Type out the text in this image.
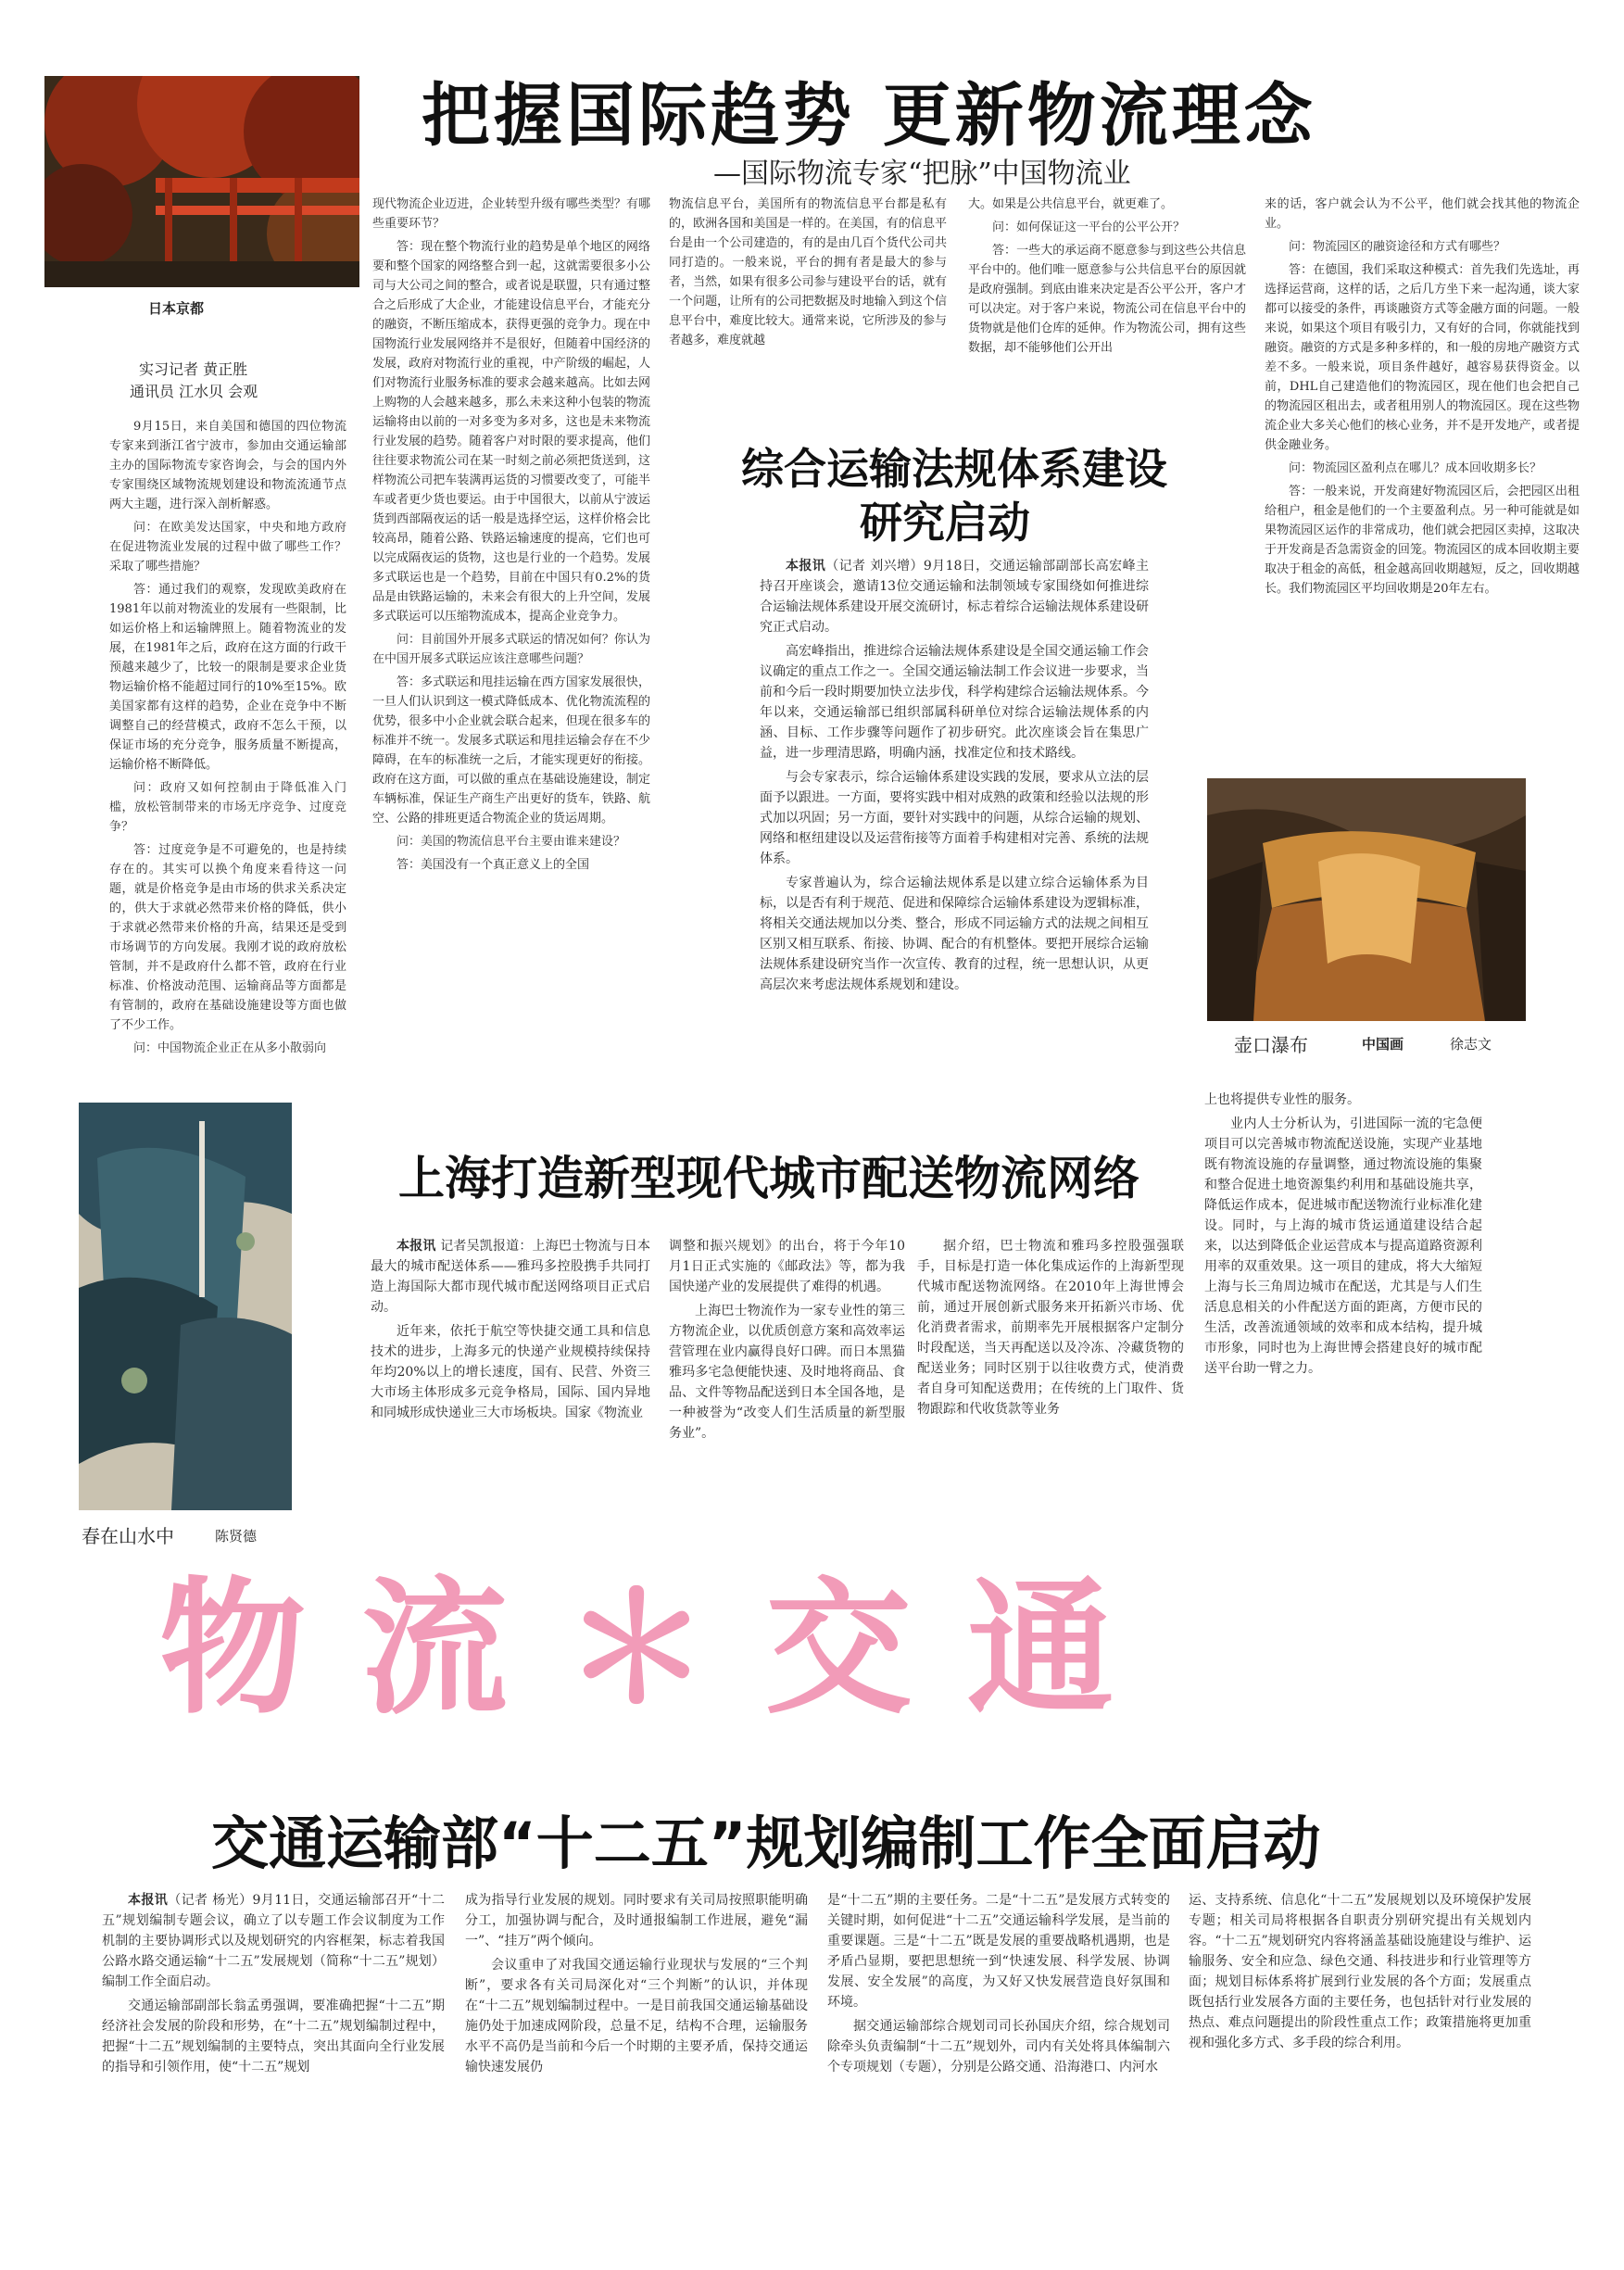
日本京都
把握国际趋势 更新物流理念
—国际物流专家“把脉”中国物流业
实习记者 黄正胜
通讯员 江水贝 会观

9月15日，来自美国和德国的四位物流专家来到浙江省宁波市，参加由交通运输部主办的国际物流专家咨询会，与会的国内外专家围绕区域物流规划建设和物流流通节点两大主题，进行深入剖析解惑。

问：在欧美发达国家，中央和地方政府在促进物流业发展的过程中做了哪些工作？采取了哪些措施？

答：通过我们的观察，发现欧美政府在1981年以前对物流业的发展有一些限制，比如运价格上和运输牌照上。随着物流业的发展，在1981年之后，政府在这方面的行政干预越来越少了，比较一的限制是要求企业货物运输价格不能超过同行的10%至15%。欧美国家都有这样的趋势，企业在竞争中不断调整自己的经营模式，政府不怎么干预，以保证市场的充分竞争，服务质量不断提高，运输价格不断降低。

问：政府又如何控制由于降低准入门槛，放松管制带来的市场无序竞争、过度竞争？

答：过度竞争是不可避免的，也是持续存在的。其实可以换个角度来看待这一问题，就是价格竞争是由市场的供求关系决定的，供大于求就必然带来价格的降低，供小于求就必然带来价格的升高，结果还是受到市场调节的方向发展。我刚才说的政府放松管制，并不是政府什么都不管，政府在行业标准、价格波动范围、运输商品等方面都是有管制的，政府在基础设施建设等方面也做了不少工作。

问：中国物流企业正在从多小散弱向

现代物流企业迈进，企业转型升级有哪些类型？有哪些重要环节？

答：现在整个物流行业的趋势是单个地区的网络要和整个国家的网络整合到一起，这就需要很多小公司与大公司之间的整合，或者说是联盟，只有通过整合之后形成了大企业，才能建设信息平台，才能充分的融资，不断压缩成本，获得更强的竞争力。现在中国物流行业发展网络并不是很好，但随着中国经济的发展，政府对物流行业的重视，中产阶级的崛起，人们对物流行业服务标准的要求会越来越高。比如去网上购物的人会越来越多，那么未来这种小包装的物流运输将由以前的一对多变为多对多，这也是未来物流行业发展的趋势。随着客户对时限的要求提高，他们往往要求物流公司在某一时刻之前必须把货送到，这样物流公司把车装满再运货的习惯要改变了，可能半车或者更少货也要运。由于中国很大，以前从宁波运货到西部隔夜运的话一般是选择空运，这样价格会比较高昂，随着公路、铁路运输速度的提高，它们也可以完成隔夜运的货物，这也是行业的一个趋势。发展多式联运也是一个趋势，目前在中国只有0.2%的货品是由铁路运输的，未来会有很大的上升空间，发展多式联运可以压缩物流成本，提高企业竞争力。

问：目前国外开展多式联运的情况如何？你认为在中国开展多式联运应该注意哪些问题？

答：多式联运和甩挂运输在西方国家发展很快，一旦人们认识到这一模式降低成本、优化物流流程的优势，很多中小企业就会联合起来，但现在很多车的标准并不统一。发展多式联运和甩挂运输会存在不少障碍，在车的标准统一之后，才能实现更好的衔接。政府在这方面，可以做的重点在基础设施建设，制定车辆标准，保证生产商生产出更好的货车，铁路、航空、公路的排班更适合物流企业的货运周期。

问：美国的物流信息平台主要由谁来建设？

答：美国没有一个真正意义上的全国

物流信息平台，美国所有的物流信息平台都是私有的，欧洲各国和美国是一样的。在美国，有的信息平台是由一个公司建造的，有的是由几百个货代公司共同打造的。一般来说，平台的拥有者是最大的参与者，当然，如果有很多公司参与建设平台的话，就有一个问题，让所有的公司把数据及时地输入到这个信息平台中，难度比较大。通常来说，它所涉及的参与者越多，难度就越

大。如果是公共信息平台，就更难了。

问：如何保证这一平台的公平公开？

答：一些大的承运商不愿意参与到这些公共信息平台中的。他们唯一愿意参与公共信息平台的原因就是政府强制。到底由谁来决定是否公平公开，客户才可以决定。对于客户来说，物流公司在信息平台中的货物就是他们仓库的延伸。作为物流公司，拥有这些数据，却不能够他们公开出

来的话，客户就会认为不公平，他们就会找其他的物流企业。

问：物流园区的融资途径和方式有哪些？

答：在德国，我们采取这种模式：首先我们先选址，再选择运营商，这样的话，之后几方坐下来一起沟通，谈大家都可以接受的条件，再谈融资方式等金融方面的问题。一般来说，如果这个项目有吸引力，又有好的合同，你就能找到融资。融资的方式是多种多样的，和一般的房地产融资方式差不多。一般来说，项目条件越好，越容易获得资金。以前，DHL自己建造他们的物流园区，现在他们也会把自己的物流园区租出去，或者租用别人的物流园区。现在这些物流企业大多关心他们的核心业务，并不是开发地产，或者提供金融业务。

问：物流园区盈利点在哪儿？成本回收期多长？

答：一般来说，开发商建好物流园区后，会把园区出租给租户，租金是他们的一个主要盈利点。另一种可能就是如果物流园区运作的非常成功，他们就会把园区卖掉，这取决于开发商是否急需资金的回笼。物流园区的成本回收期主要取决于租金的高低，租金越高回收期越短，反之，回收期越长。我们物流园区平均回收期是20年左右。

综合运输法规体系建设
研究启动

本报讯（记者 刘兴增）9月18日，交通运输部副部长高宏峰主持召开座谈会，邀请13位交通运输和法制领域专家围绕如何推进综合运输法规体系建设开展交流研讨，标志着综合运输法规体系建设研究正式启动。

高宏峰指出，推进综合运输法规体系建设是全国交通运输工作会议确定的重点工作之一。全国交通运输法制工作会议进一步要求，当前和今后一段时期要加快立法步伐，科学构建综合运输法规体系。今年以来，交通运输部已组织部属科研单位对综合运输法规体系的内涵、目标、工作步骤等问题作了初步研究。此次座谈会旨在集思广益，进一步理清思路，明确内涵，找准定位和技术路线。

与会专家表示，综合运输体系建设实践的发展，要求从立法的层面予以跟进。一方面，要将实践中相对成熟的政策和经验以法规的形式加以巩固；另一方面，要针对实践中的问题，从综合运输的规划、网络和枢纽建设以及运营衔接等方面着手构建相对完善、系统的法规体系。

专家普遍认为，综合运输法规体系是以建立综合运输体系为目标，以是否有利于规范、促进和保障综合运输体系建设为逻辑标准，将相关交通法规加以分类、整合，形成不同运输方式的法规之间相互区别又相互联系、衔接、协调、配合的有机整体。要把开展综合运输法规体系建设研究当作一次宣传、教育的过程，统一思想认识，从更高层次来考虑法规体系规划和建设。

壶口瀑布	中国画	徐志文
春在山水中	陈贤德
上海打造新型现代城市配送物流网络

本报讯 记者吴凯报道：上海巴士物流与日本最大的城市配送体系——雅玛多控股携手共同打造上海国际大都市现代城市配送网络项目正式启动。

近年来，依托于航空等快捷交通工具和信息技术的进步，上海多元的快递产业规模持续保持年均20%以上的增长速度，国有、民营、外资三大市场主体形成多元竞争格局，国际、国内异地和同城形成快递业三大市场板块。国家《物流业

调整和振兴规划》的出台，将于今年10月1日正式实施的《邮政法》等，都为我国快递产业的发展提供了难得的机遇。

上海巴士物流作为一家专业性的第三方物流企业，以优质创意方案和高效率运营管理在业内赢得良好口碑。而日本黑猫雅玛多宅急便能快速、及时地将商品、食品、文件等物品配送到日本全国各地，是一种被誉为“改变人们生活质量的新型服务业”。

据介绍，巴士物流和雅玛多控股强强联手，目标是打造一体化集成运作的上海新型现代城市配送物流网络。在2010年上海世博会前，通过开展创新式服务来开拓新兴市场、优化消费者需求，前期率先开展根据客户定制分时段配送，当天再配送以及冷冻、冷藏货物的配送业务；同时区别于以往收费方式，使消费者自身可知配送费用；在传统的上门取件、货物跟踪和代收货款等业务

上也将提供专业性的服务。

业内人士分析认为，引进国际一流的宅急便项目可以完善城市物流配送设施，实现产业基地既有物流设施的存量调整，通过物流设施的集聚和整合促进土地资源集约利用和基础设施共享，降低运作成本，促进城市配送物流行业标准化建设。同时，与上海的城市货运通道建设结合起来，以达到降低企业运营成本与提高道路资源利用率的双重效果。这一项目的建成，将大大缩短上海与长三角周边城市在配送，尤其是与人们生活息息相关的小件配送方面的距离，方便市民的生活，改善流通领域的效率和成本结构，提升城市形象，同时也为上海世博会搭建良好的城市配送平台助一臂之力。

物流＊交通
交通运输部“十二五”规划编制工作全面启动

本报讯（记者 杨光）9月11日，交通运输部召开“十二五”规划编制专题会议，确立了以专题工作会议制度为工作机制的主要协调形式以及规划研究的内容框架，标志着我国公路水路交通运输“十二五”发展规划（简称“十二五”规划）编制工作全面启动。

交通运输部副部长翁孟勇强调，要准确把握“十二五”期经济社会发展的阶段和形势，在“十二五”规划编制过程中，把握“十二五”规划编制的主要特点，突出其面向全行业发展的指导和引领作用，使“十二五”规划

成为指导行业发展的规划。同时要求有关司局按照职能明确分工，加强协调与配合，及时通报编制工作进展，避免“漏一”、“挂万”两个倾向。

会议重申了对我国交通运输行业现状与发展的“三个判断”，要求各有关司局深化对“三个判断”的认识，并体现在“十二五”规划编制过程中。一是目前我国交通运输基础设施仍处于加速成网阶段，总量不足，结构不合理，运输服务水平不高仍是当前和今后一个时期的主要矛盾，保持交通运输快速发展仍

是“十二五”期的主要任务。二是“十二五”是发展方式转变的关键时期，如何促进“十二五”交通运输科学发展，是当前的重要课题。三是“十二五”既是发展的重要战略机遇期，也是矛盾凸显期，要把思想统一到“快速发展、科学发展、协调发展、安全发展”的高度，为又好又快发展营造良好氛围和环境。

据交通运输部综合规划司司长孙国庆介绍，综合规划司除牵头负责编制“十二五”规划外，司内有关处将具体编制六个专项规划（专题），分别是公路交通、沿海港口、内河水

运、支持系统、信息化“十二五”发展规划以及环境保护发展专题；相关司局将根据各自职责分别研究提出有关规划内容。“十二五”规划研究内容将涵盖基础设施建设与维护、运输服务、安全和应急、绿色交通、科技进步和行业管理等方面；规划目标体系将扩展到行业发展的各个方面；发展重点既包括行业发展各方面的主要任务，也包括针对行业发展的热点、难点问题提出的阶段性重点工作；政策措施将更加重视和强化多方式、多手段的综合利用。
